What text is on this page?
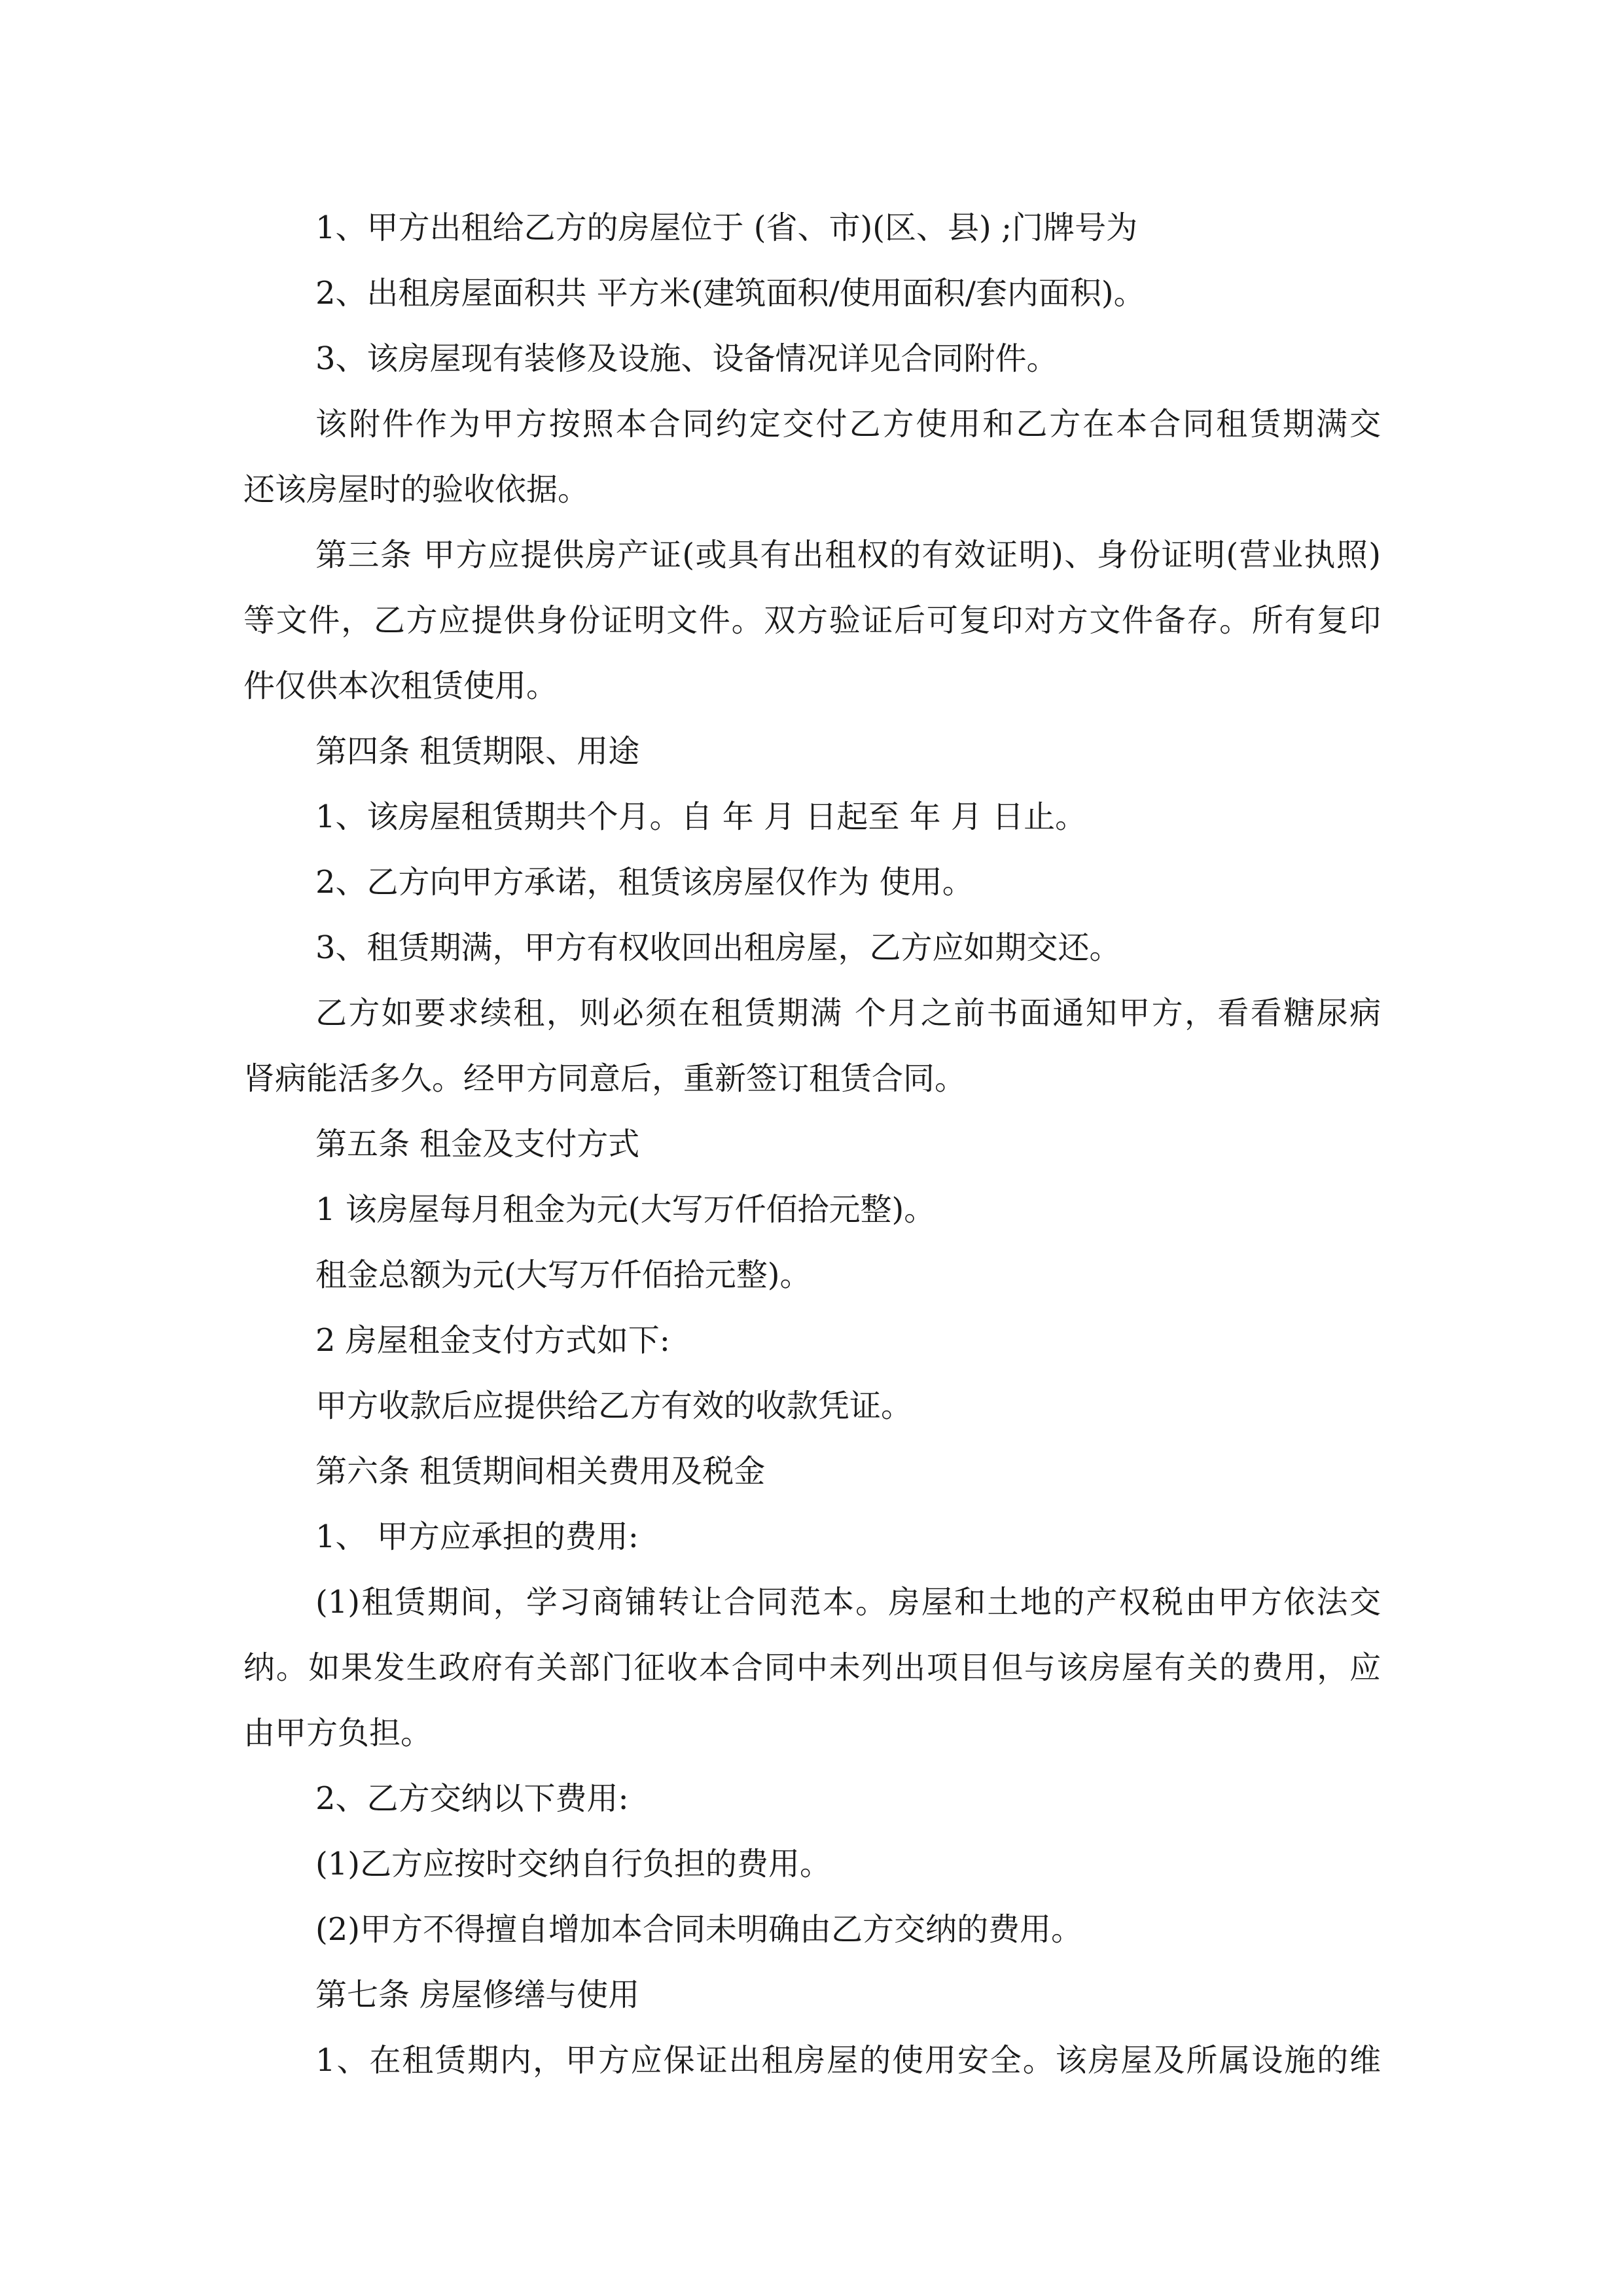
1、甲方出租给乙方的房屋位于 (省、市)(区、县) ;门牌号为
2、出租房屋面积共 平方米(建筑面积/使用面积/套内面积)。
3、该房屋现有装修及设施、设备情况详见合同附件。
该附件作为甲方按照本合同约定交付乙方使用和乙方在本合同租赁期满交
还该房屋时的验收依据。
第三条 甲方应提供房产证(或具有出租权的有效证明)、身份证明(营业执照)
等文件，乙方应提供身份证明文件。双方验证后可复印对方文件备存。所有复印
件仅供本次租赁使用。
第四条 租赁期限、用途
1、该房屋租赁期共个月。自 年 月 日起至 年 月 日止。
2、乙方向甲方承诺，租赁该房屋仅作为 使用。
3、租赁期满，甲方有权收回出租房屋，乙方应如期交还。
乙方如要求续租，则必须在租赁期满 个月之前书面通知甲方，看看糖尿病
肾病能活多久。经甲方同意后，重新签订租赁合同。
第五条 租金及支付方式
1 该房屋每月租金为元(大写万仟佰拾元整)。
租金总额为元(大写万仟佰拾元整)。
2 房屋租金支付方式如下:
甲方收款后应提供给乙方有效的收款凭证。
第六条 租赁期间相关费用及税金
1、 甲方应承担的费用:
(1)租赁期间，学习商铺转让合同范本。房屋和土地的产权税由甲方依法交
纳。如果发生政府有关部门征收本合同中未列出项目但与该房屋有关的费用，应
由甲方负担。
2、乙方交纳以下费用:
(1)乙方应按时交纳自行负担的费用。
(2)甲方不得擅自增加本合同未明确由乙方交纳的费用。
第七条 房屋修缮与使用
1、在租赁期内，甲方应保证出租房屋的使用安全。该房屋及所属设施的维
